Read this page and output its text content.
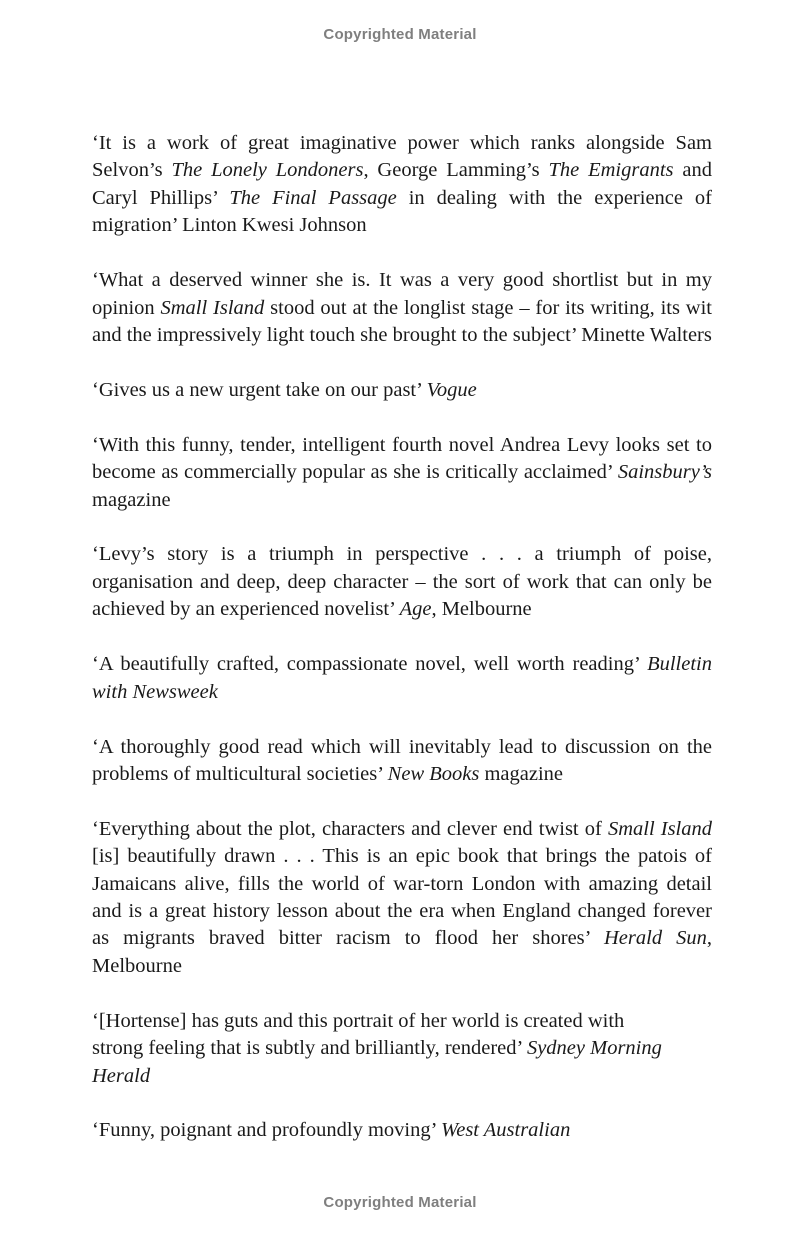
Copyrighted Material

‘It is a work of great imaginative power which ranks alongside Sam Selvon’s The Lonely Londoners, George Lamming’s The Emigrants and Caryl Phillips’ The Final Passage in dealing with the experience of migration’ Linton Kwesi Johnson

‘What a deserved winner she is. It was a very good shortlist but in my opinion Small Island stood out at the longlist stage – for its writing, its wit and the impressively light touch she brought to the subject’ Minette Walters

‘Gives us a new urgent take on our past’ Vogue

‘With this funny, tender, intelligent fourth novel Andrea Levy looks set to become as commercially popular as she is critically acclaimed’ Sainsbury’s magazine

‘Levy’s story is a triumph in perspective . . . a triumph of poise, organisation and deep, deep character – the sort of work that can only be achieved by an experienced novelist’ Age, Melbourne

‘A beautifully crafted, compassionate novel, well worth reading’ Bulletin with Newsweek

‘A thoroughly good read which will inevitably lead to discussion on the problems of multicultural societies’ New Books magazine

‘Everything about the plot, characters and clever end twist of Small Island [is] beautifully drawn . . . This is an epic book that brings the patois of Jamaicans alive, fills the world of war-torn London with amazing detail and is a great history lesson about the era when England changed forever as migrants braved bitter racism to flood her shores’ Herald Sun, Melbourne

‘[Hortense] has guts and this portrait of her world is created with
strong feeling that is subtly and brilliantly, rendered’ Sydney Morning Herald

‘Funny, poignant and profoundly moving’ West Australian

Copyrighted Material
